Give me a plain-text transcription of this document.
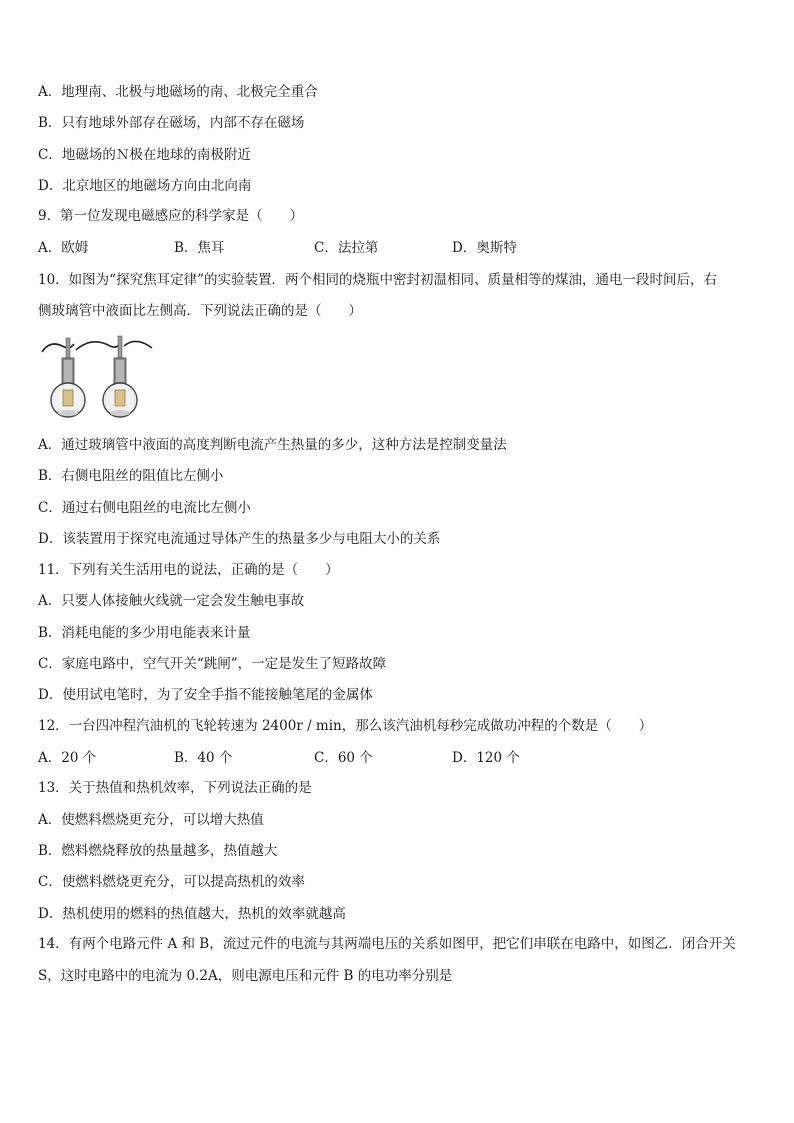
A．地理南、北极与地磁场的南、北极完全重合
B．只有地球外部存在磁场，内部不存在磁场
C．地磁场的Ｎ极在地球的南极附近
D．北京地区的地磁场方向由北向南
9．第一位发现电磁感应的科学家是（　　）
A．欧姆	B．焦耳	C．法拉第	D．奥斯特
10．如图为“探究焦耳定律”的实验装置．两个相同的烧瓶中密封初温相同、质量相等的煤油，通电一段时间后，右
侧玻璃管中液面比左侧高．下列说法正确的是（　　）
A．通过玻璃管中液面的高度判断电流产生热量的多少，这种方法是控制变量法
B．右侧电阻丝的阻值比左侧小
C．通过右侧电阻丝的电流比左侧小
D．该装置用于探究电流通过导体产生的热量多少与电阻大小的关系
11．下列有关生活用电的说法，正确的是（　　）
A．只要人体接触火线就一定会发生触电事故
B．消耗电能的多少用电能表来计量
C．家庭电路中，空气开关“跳闸”，一定是发生了短路故障
D．使用试电笔时，为了安全手指不能接触笔尾的金属体
12．一台四冲程汽油机的飞轮转速为 2400r / min，那么该汽油机每秒完成做功冲程的个数是（　　）
A．20 个	B．40 个	C．60 个	D．120 个
13．关于热值和热机效率，下列说法正确的是
A．使燃料燃烧更充分，可以增大热值
B．燃料燃烧释放的热量越多，热值越大
C．使燃料燃烧更充分，可以提高热机的效率
D．热机使用的燃料的热值越大，热机的效率就越高
14．有两个电路元件 A 和 B，流过元件的电流与其两端电压的关系如图甲，把它们串联在电路中，如图乙．闭合开关
S，这时电路中的电流为 0.2A，则电源电压和元件 B 的电功率分别是
